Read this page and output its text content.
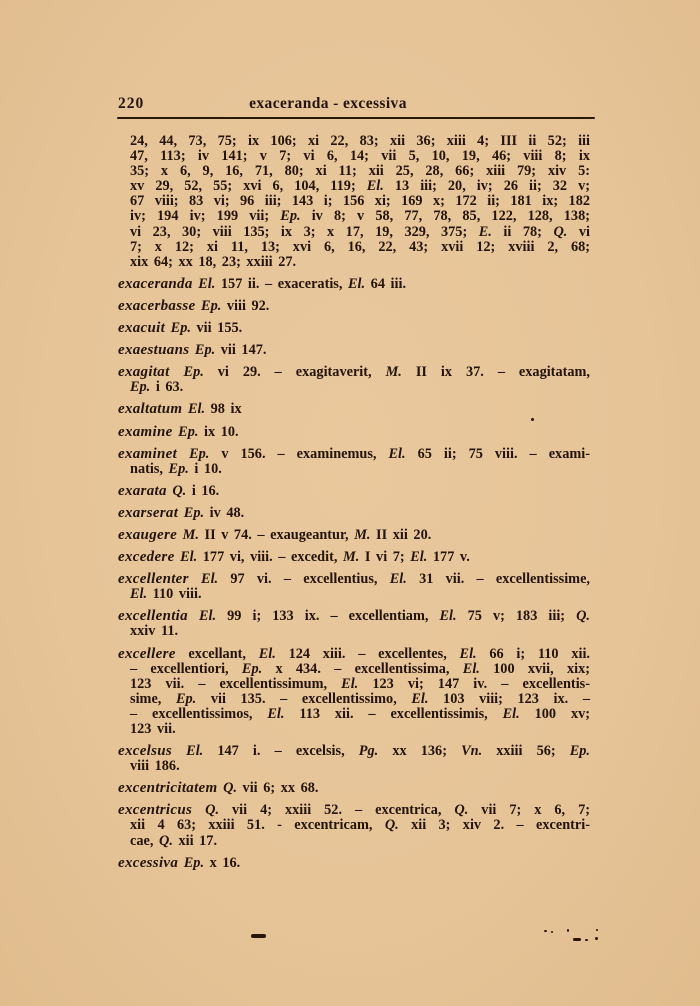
220	exaceranda - excessiva
24, 44, 73, 75; ix 106; xi 22, 83; xii 36; xiii 4; III ii 52; iii
47, 113; iv 141; v 7; vi 6, 14; vii 5, 10, 19, 46; viii 8; ix
35; x 6, 9, 16, 71, 80; xi 11; xii 25, 28, 66; xiii 79; xiv 5:
xv 29, 52, 55; xvi 6, 104, 119; El. 13 iii; 20, iv; 26 ii; 32 v;
67 viii; 83 vi; 96 iii; 143 i; 156 xi; 169 x; 172 ii; 181 ix; 182
iv; 194 iv; 199 vii; Ep. iv 8; v 58, 77, 78, 85, 122, 128, 138;
vi 23, 30; viii 135; ix 3; x 17, 19, 329, 375; E. ii 78; Q. vi
7; x 12; xi 11, 13; xvi 6, 16, 22, 43; xvii 12; xviii 2, 68;
xix 64; xx 18, 23; xxiii 27.
exaceranda El. 157 ii. – exaceratis, El. 64 iii.
exacerbasse Ep. viii 92.
exacuit Ep. vii 155.
exaestuans Ep. vii 147.
exagitat Ep. vi 29. – exagitaverit, M. II ix 37. – exagitatam,
Ep. i 63.
exaltatum El. 98 ix
examine Ep. ix 10.
examinet Ep. v 156. – examinemus, El. 65 ii; 75 viii. – exami-
natis, Ep. i 10.
exarata Q. i 16.
exarserat Ep. iv 48.
exaugere M. II v 74. – exaugeantur, M. II xii 20.
excedere El. 177 vi, viii. – excedit, M. I vi 7; El. 177 v.
excellenter El. 97 vi. – excellentius, El. 31 vii. – excellentissime,
El. 110 viii.
excellentia El. 99 i; 133 ix. – excellentiam, El. 75 v; 183 iii; Q.
xxiv 11.
excellere excellant, El. 124 xiii. – excellentes, El. 66 i; 110 xii.
– excellentiori, Ep. x 434. – excellentissima, El. 100 xvii, xix;
123 vii. – excellentissimum, El. 123 vi; 147 iv. – excellentis-
sime, Ep. vii 135. – excellentissimo, El. 103 viii; 123 ix. –
– excellentissimos, El. 113 xii. – excellentissimis, El. 100 xv;
123 vii.
excelsus El. 147 i. – excelsis, Pg. xx 136; Vn. xxiii 56; Ep.
viii 186.
excentricitatem Q. vii 6; xx 68.
excentricus Q. vii 4; xxiii 52. – excentrica, Q. vii 7; x 6, 7;
xii 4 63; xxiii 51. - excentricam, Q. xii 3; xiv 2. – excentri-
cae, Q. xii 17.
excessiva Ep. x 16.
